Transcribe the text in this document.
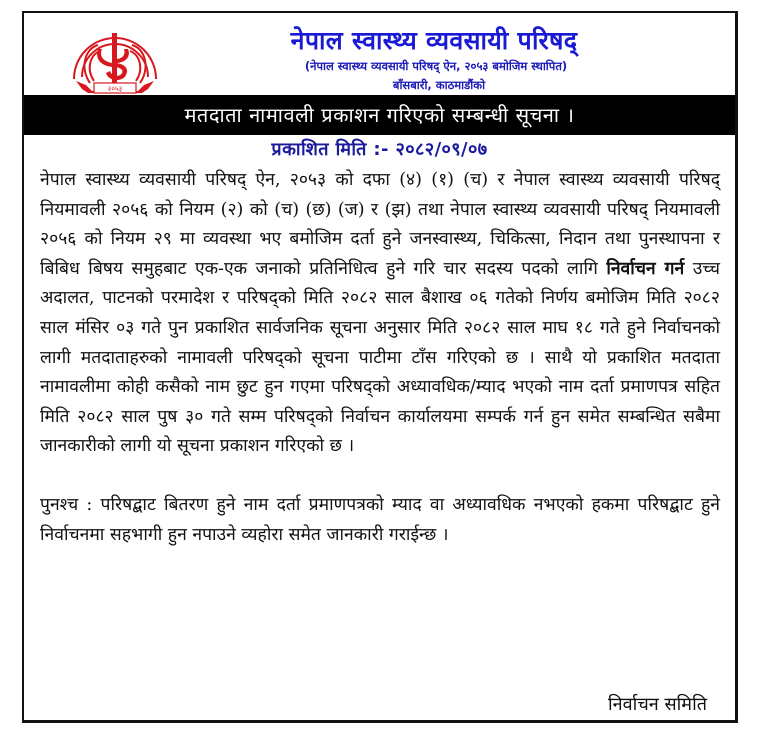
२०५३
नेपाल स्वास्थ्य व्यवसायी परिषद्
(नेपाल स्वास्थ्य व्यवसायी परिषद् ऐन, २०५३ बमोजिम स्थापित)
बाँसबारी, काठमाडौंको
मतदाता नामावली प्रकाशन गरिएको सम्बन्धी सूचना ।
प्रकाशित मिति :- २०८२/०९/०७

नेपाल स्वास्थ्य व्यवसायी परिषद् ऐन, २०५३ को दफा (४) (१) (च) र नेपाल स्वास्थ्य व्यवसायी परिषद् नियमावली २०५६ को नियम (२) को (च) (छ) (ज) र (झ) तथा नेपाल स्वास्थ्य व्यवसायी परिषद् नियमावली २०५६ को नियम २९ मा व्यवस्था भए बमोजिम दर्ता हुने जनस्वास्थ्य, चिकित्सा, निदान तथा पुनस्थापना र बिबिध बिषय समुहबाट एक-एक जनाको प्रतिनिधित्व हुने गरि चार सदस्य पदको लागि निर्वाचन गर्न उच्च अदालत, पाटनको परमादेश र परिषद्को मिति २०८२ साल बैशाख ०६ गतेको निर्णय बमोजिम मिति २०८२ साल मंसिर ०३ गते पुन प्रकाशित सार्वजनिक सूचना अनुसार मिति २०८२ साल माघ १८ गते हुने निर्वाचनको लागी मतदाताहरुको नामावली परिषद्को सूचना पाटीमा टाँस गरिएको छ । साथै यो प्रकाशित मतदाता नामावलीमा कोही कसैको नाम छुट हुन गएमा परिषद्को अध्यावधिक/म्याद भएको नाम दर्ता प्रमाणपत्र सहित मिति २०८२ साल पुष ३० गते सम्म परिषद्को निर्वाचन कार्यालयमा सम्पर्क गर्न हुन समेत सम्बन्धित सबैमा जानकारीको लागी यो सूचना प्रकाशन गरिएको छ ।

पुनश्च : परिषद्बाट बितरण हुने नाम दर्ता प्रमाणपत्रको म्याद वा अध्यावधिक नभएको हकमा परिषद्बाट हुने निर्वाचनमा सहभागी हुन नपाउने व्यहोरा समेत जानकारी गराईन्छ ।

निर्वाचन समिति
